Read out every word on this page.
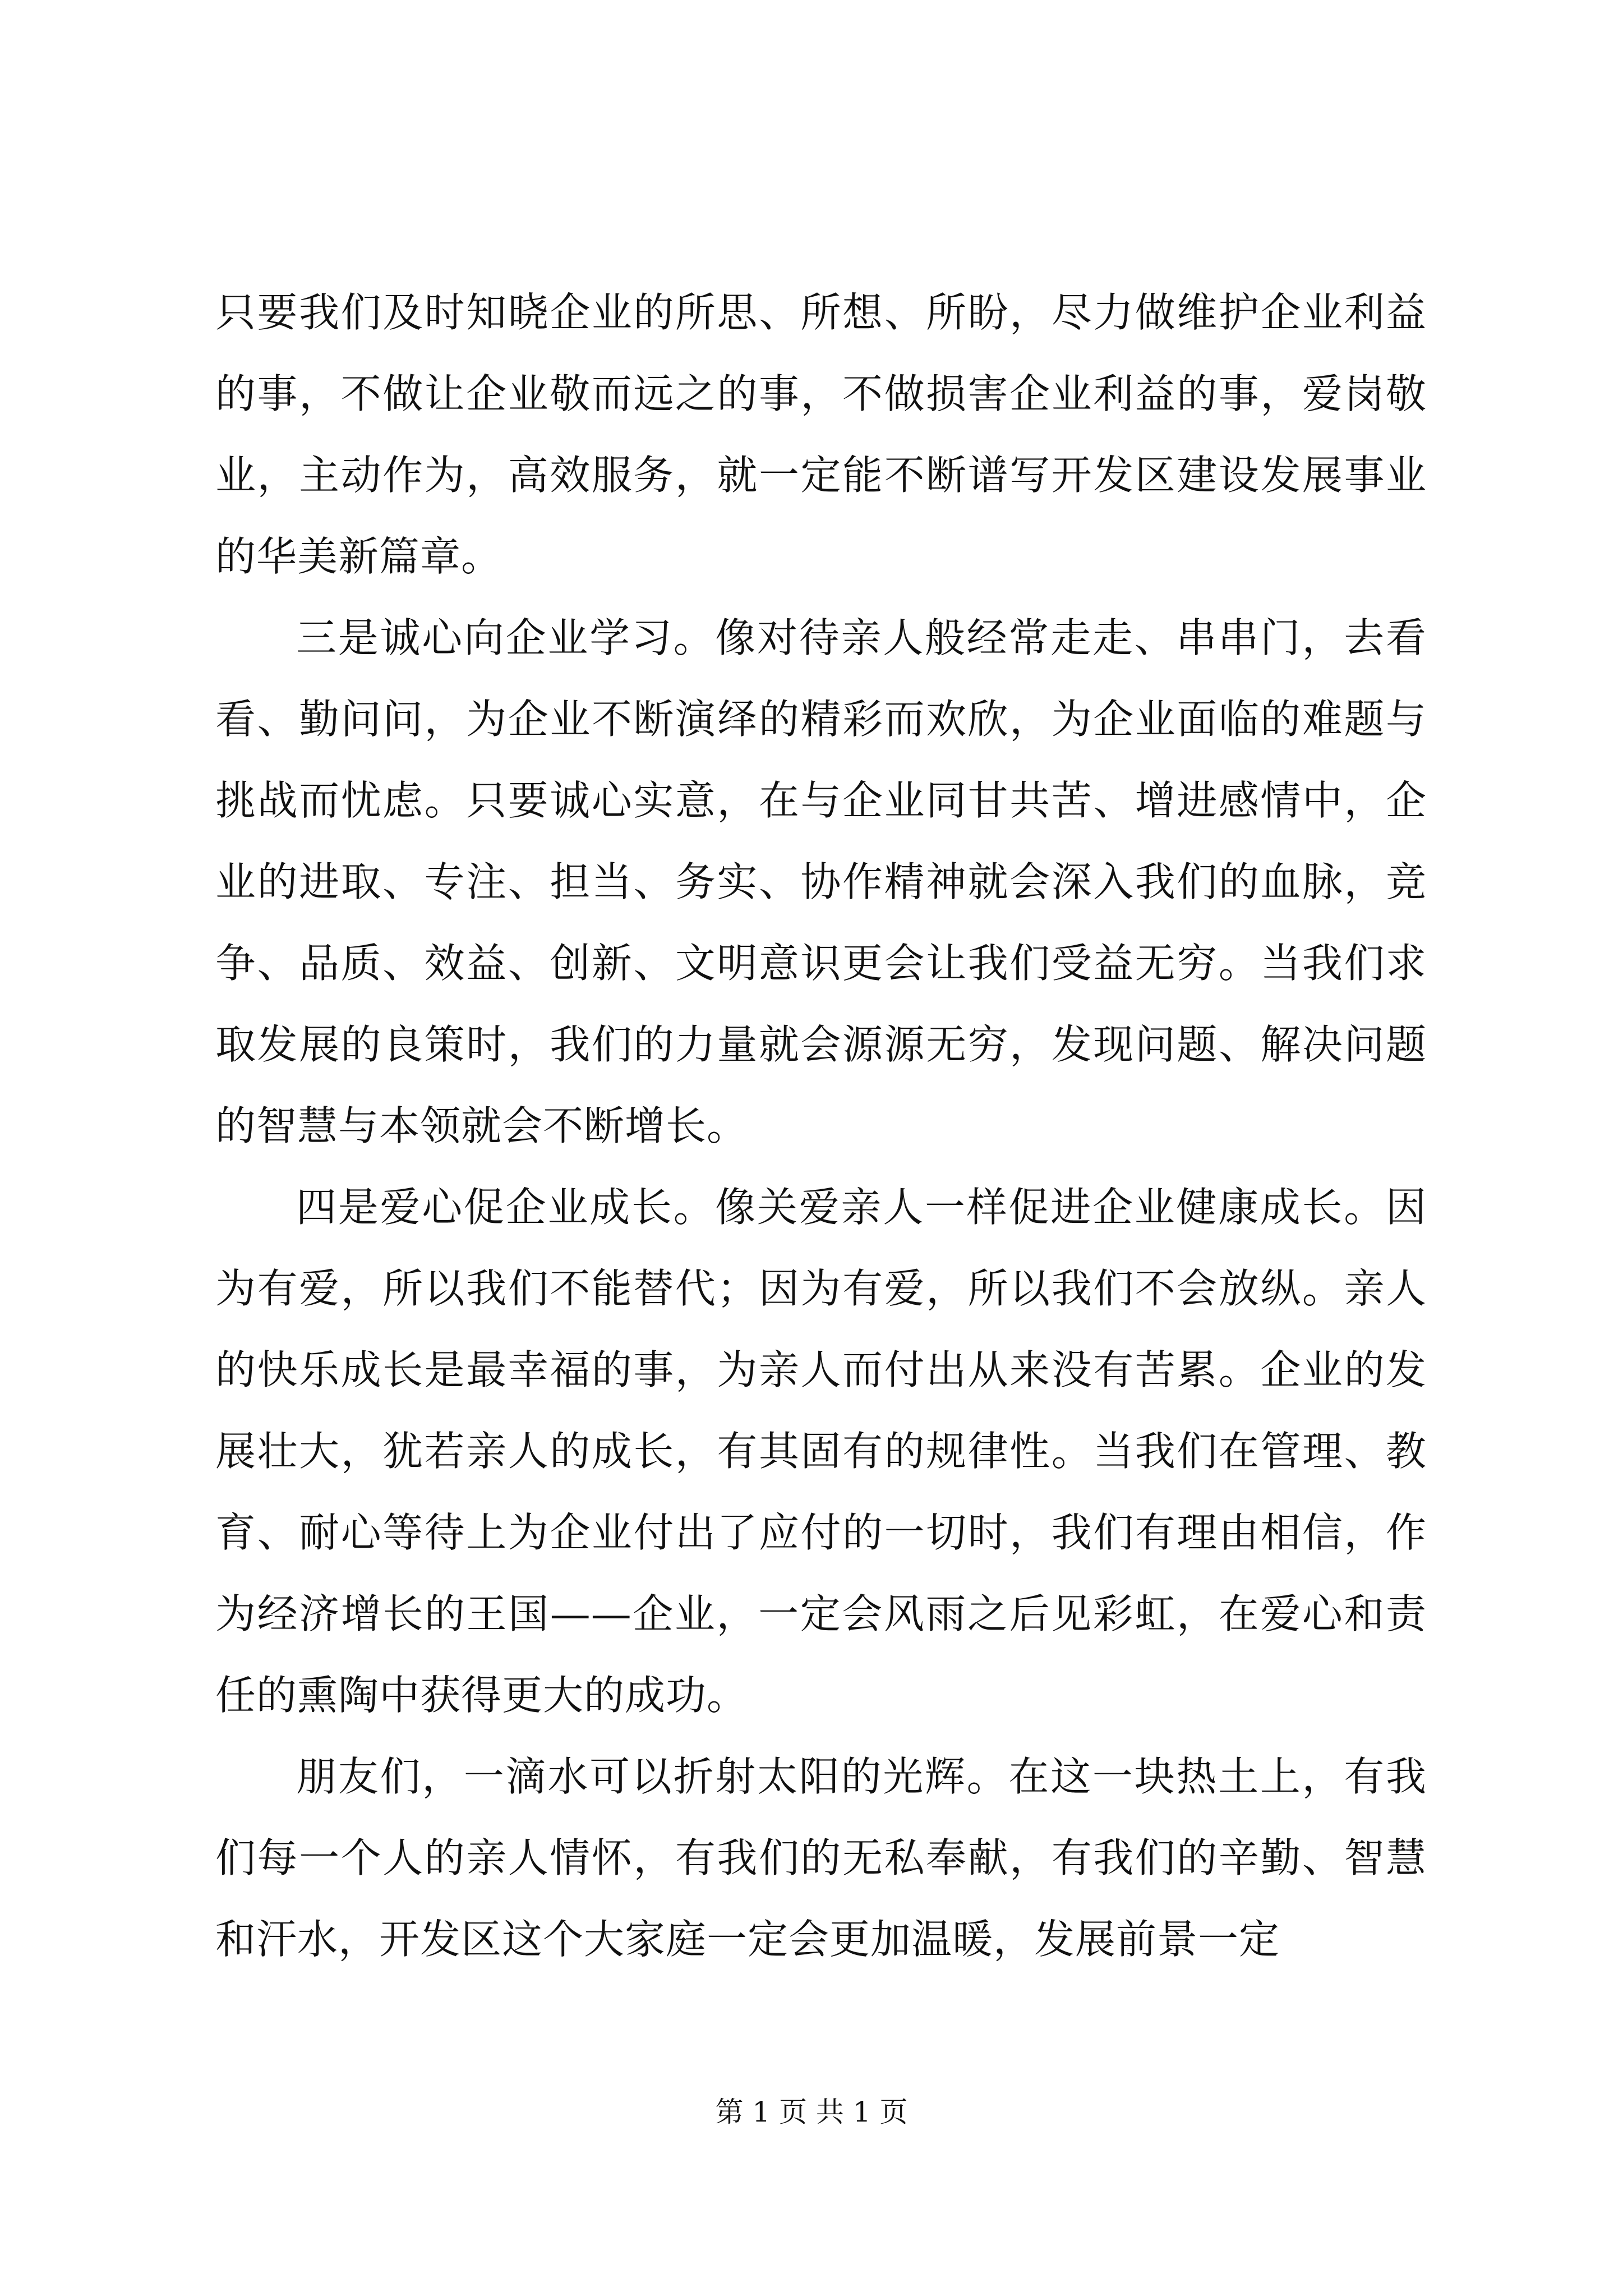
只要我们及时知晓企业的所思、所想、所盼，尽力做维护企业利益的事，不做让企业敬而远之的事，不做损害企业利益的事，爱岗敬业，主动作为，高效服务，就一定能不断谱写开发区建设发展事业的华美新篇章。

三是诚心向企业学习。像对待亲人般经常走走、串串门，去看看、勤问问，为企业不断演绎的精彩而欢欣，为企业面临的难题与挑战而忧虑。只要诚心实意，在与企业同甘共苦、增进感情中，企业的进取、专注、担当、务实、协作精神就会深入我们的血脉，竞争、品质、效益、创新、文明意识更会让我们受益无穷。当我们求取发展的良策时，我们的力量就会源源无穷，发现问题、解决问题的智慧与本领就会不断增长。

四是爱心促企业成长。像关爱亲人一样促进企业健康成长。因为有爱，所以我们不能替代；因为有爱，所以我们不会放纵。亲人的快乐成长是最幸福的事，为亲人而付出从来没有苦累。企业的发展壮大，犹若亲人的成长，有其固有的规律性。当我们在管理、教育、耐心等待上为企业付出了应付的一切时，我们有理由相信，作为经济增长的王国——企业，一定会风雨之后见彩虹，在爱心和责任的熏陶中获得更大的成功。

朋友们，一滴水可以折射太阳的光辉。在这一块热土上，有我们每一个人的亲人情怀，有我们的无私奉献，有我们的辛勤、智慧和汗水，开发区这个大家庭一定会更加温暖，发展前景一定

第 1 页 共 1 页
